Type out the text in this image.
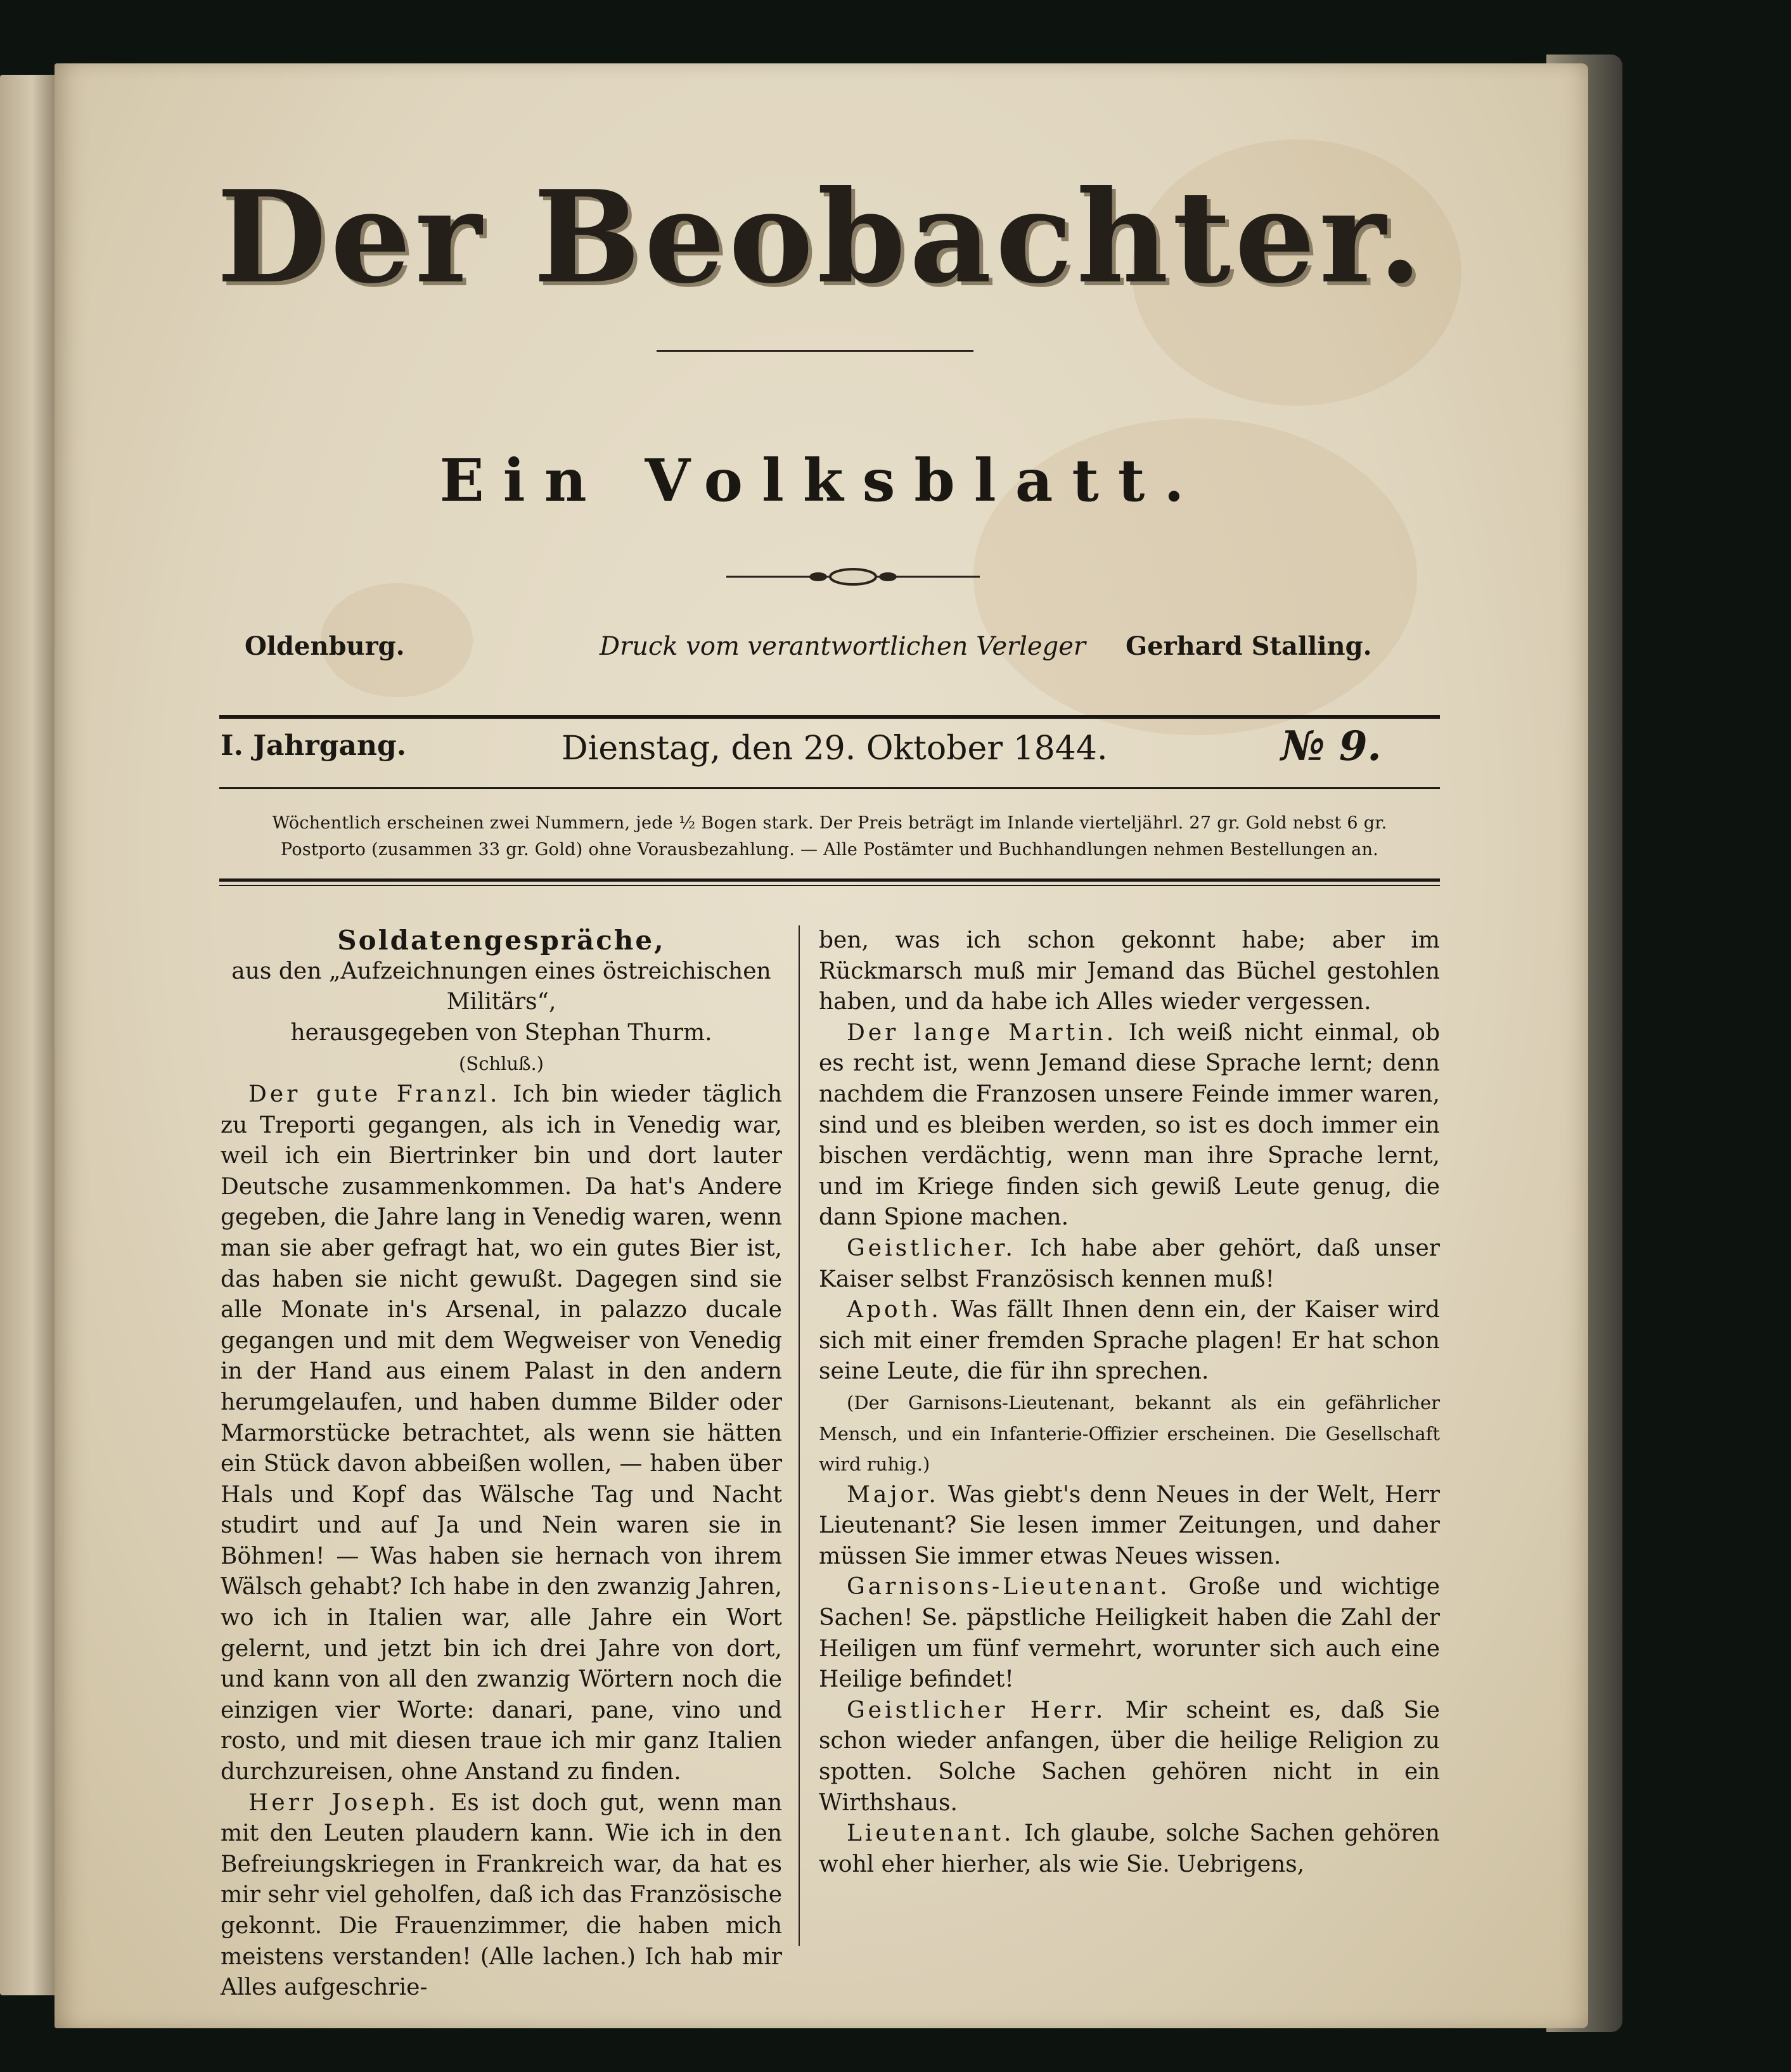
Der Beobachter.
Ein Volksblatt.
Oldenburg.	Druck vom verantwortlichen Verleger Gerhard Stalling.
I. Jahrgang.	Dienstag, den 29. Oktober 1844.	№ 9.
Wöchentlich erscheinen zwei Nummern, jede ½ Bogen stark. Der Preis beträgt im Inlande vierteljährl. 27 gr. Gold nebst 6 gr.
Postporto (zusammen 33 gr. Gold) ohne Vorausbezahlung. — Alle Postämter und Buchhandlungen nehmen Bestellungen an.

Soldatengespräche,

aus den „Aufzeichnungen eines östreichischen Militärs“,

herausgegeben von Stephan Thurm.

(Schluß.)

Der gute Franzl. Ich bin wieder täglich zu Treporti gegangen, als ich in Venedig war, weil ich ein Biertrinker bin und dort lauter Deutsche zusammenkommen. Da hat's Andere gegeben, die Jahre lang in Venedig waren, wenn man sie aber gefragt hat, wo ein gutes Bier ist, das haben sie nicht gewußt. Dagegen sind sie alle Monate in's Arsenal, in palazzo ducale gegangen und mit dem Wegweiser von Venedig in der Hand aus einem Palast in den andern herumgelaufen, und haben dumme Bilder oder Marmorstücke betrachtet, als wenn sie hätten ein Stück davon abbeißen wollen, — haben über Hals und Kopf das Wälsche Tag und Nacht studirt und auf Ja und Nein waren sie in Böhmen! — Was haben sie hernach von ihrem Wälsch gehabt? Ich habe in den zwanzig Jahren, wo ich in Italien war, alle Jahre ein Wort gelernt, und jetzt bin ich drei Jahre von dort, und kann von all den zwanzig Wörtern noch die einzigen vier Worte: danari, pane, vino und rosto, und mit diesen traue ich mir ganz Italien durchzureisen, ohne Anstand zu finden.

Herr Joseph. Es ist doch gut, wenn man mit den Leuten plaudern kann. Wie ich in den Befreiungskriegen in Frankreich war, da hat es mir sehr viel geholfen, daß ich das Französische gekonnt. Die Frauenzimmer, die haben mich meistens verstanden! (Alle lachen.) Ich hab mir Alles aufgeschrie-

ben, was ich schon gekonnt habe; aber im Rückmarsch muß mir Jemand das Büchel gestohlen haben, und da habe ich Alles wieder vergessen.

Der lange Martin. Ich weiß nicht einmal, ob es recht ist, wenn Jemand diese Sprache lernt; denn nachdem die Franzosen unsere Feinde immer waren, sind und es bleiben werden, so ist es doch immer ein bischen verdächtig, wenn man ihre Sprache lernt, und im Kriege finden sich gewiß Leute genug, die dann Spione machen.

Geistlicher. Ich habe aber gehört, daß unser Kaiser selbst Französisch kennen muß!

Apoth. Was fällt Ihnen denn ein, der Kaiser wird sich mit einer fremden Sprache plagen! Er hat schon seine Leute, die für ihn sprechen.

(Der Garnisons-Lieutenant, bekannt als ein gefährlicher Mensch, und ein Infanterie-Offizier erscheinen. Die Gesellschaft wird ruhig.)

Major. Was giebt's denn Neues in der Welt, Herr Lieutenant? Sie lesen immer Zeitungen, und daher müssen Sie immer etwas Neues wissen.

Garnisons-Lieutenant. Große und wichtige Sachen! Se. päpstliche Heiligkeit haben die Zahl der Heiligen um fünf vermehrt, worunter sich auch eine Heilige befindet!

Geistlicher Herr. Mir scheint es, daß Sie schon wieder anfangen, über die heilige Religion zu spotten. Solche Sachen gehören nicht in ein Wirthshaus.

Lieutenant. Ich glaube, solche Sachen gehören wohl eher hierher, als wie Sie. Uebrigens,
